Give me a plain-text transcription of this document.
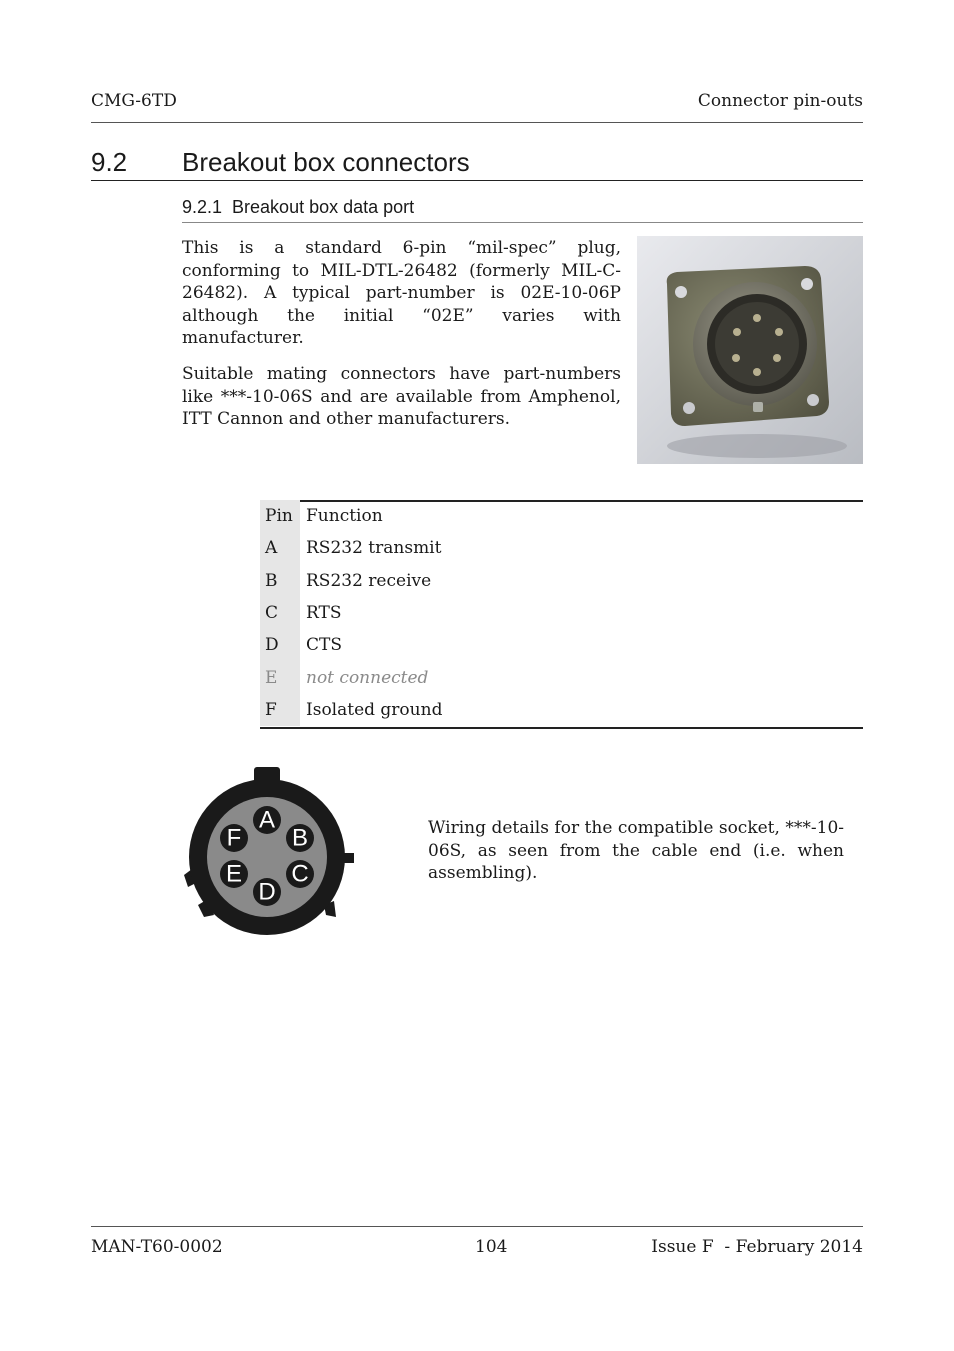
CMG-6TD	Connector pin-outs
9.2 Breakout box connectors
9.2.1  Breakout box data port

This is a standard 6-pin “mil-spec” plug, conforming to MIL-DTL-26482 (formerly MIL-C-26482). A typical part-number is 02E-10-06P although the initial “02E” varies with manufacturer.

Suitable mating connectors have part-numbers like ***-10-06S and are available from Amphenol, ITT Cannon and other manufacturers.

Pin	Function
A	RS232 transmit
B	RS232 receive
C	RTS
D	CTS
E	not connected
F	Isolated ground
A
B
C
D
E
F	Wiring details for the compatible socket, ***-10-06S, as seen from the cable end (i.e. when assembling).

MAN-T60-0002	104	Issue F  - February 2014
